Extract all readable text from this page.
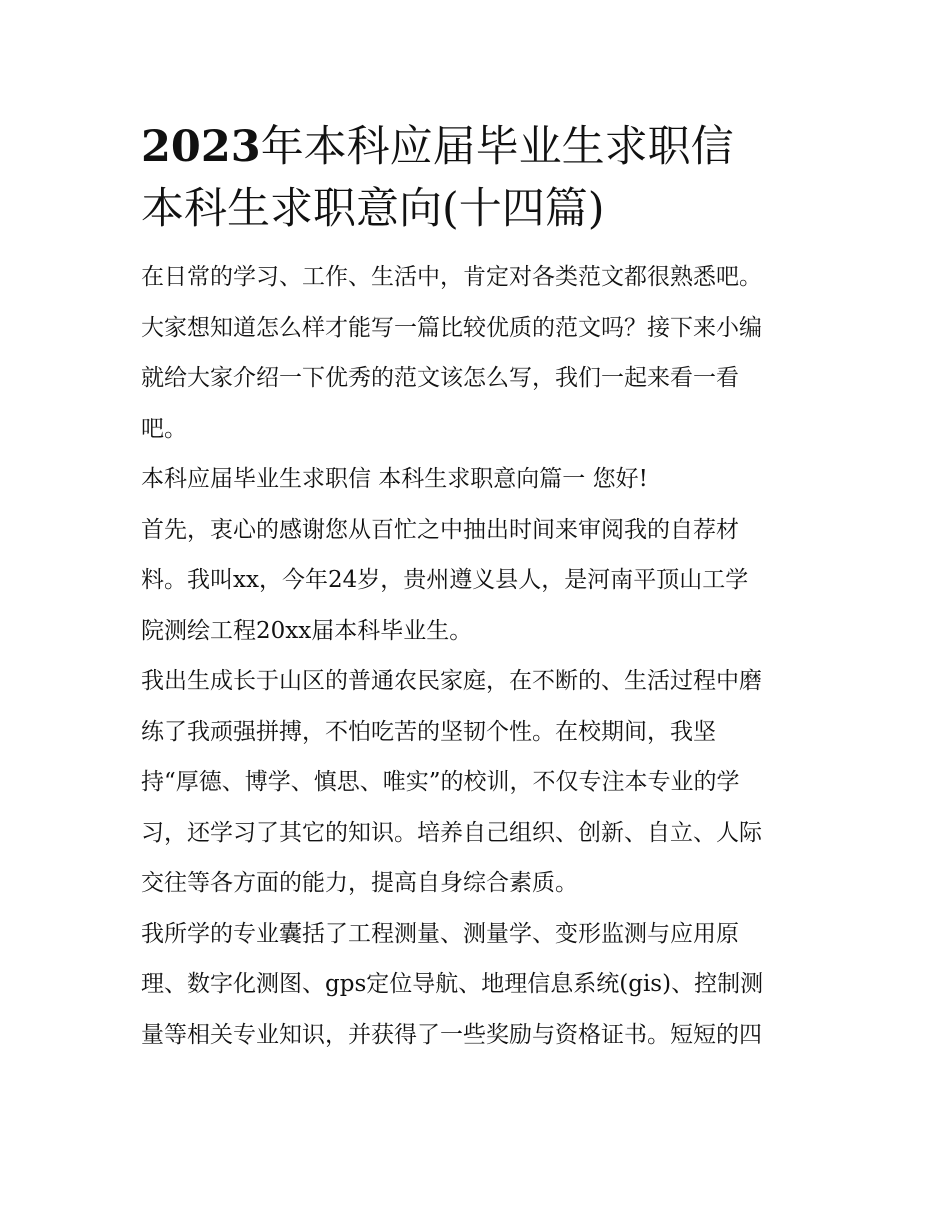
2023年本科应届毕业生求职信
本科生求职意向(十四篇)

在日常的学习、工作、生活中，肯定对各类范文都很熟悉吧。
大家想知道怎么样才能写一篇比较优质的范文吗？接下来小编
就给大家介绍一下优秀的范文该怎么写，我们一起来看一看
吧。

本科应届毕业生求职信 本科生求职意向篇一 您好!

首先，衷心的感谢您从百忙之中抽出时间来审阅我的自荐材
料。我叫xx，今年24岁，贵州遵义县人，是河南平顶山工学
院测绘工程20xx届本科毕业生。

我出生成长于山区的普通农民家庭，在不断的、生活过程中磨
练了我顽强拼搏，不怕吃苦的坚韧个性。在校期间，我坚
持“厚德、博学、慎思、唯实”的校训，不仅专注本专业的学
习，还学习了其它的知识。培养自己组织、创新、自立、人际
交往等各方面的能力，提高自身综合素质。

我所学的专业囊括了工程测量、测量学、变形监测与应用原
理、数字化测图、gps定位导航、地理信息系统(gis)、控制测
量等相关专业知识，并获得了一些奖励与资格证书。短短的四
